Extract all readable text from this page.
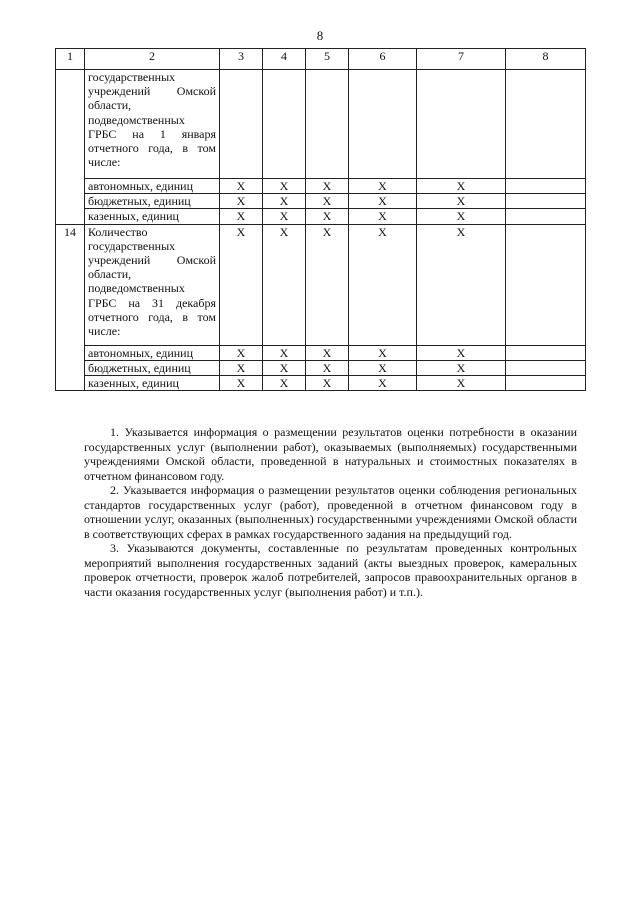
8
1	2	3	4	5	6	7	8
	государственных учреждений Омской области, подведомственных ГРБС на 1 января отчетного года, в том числе:						
	автономных, единиц	X	X	X	X	X	
	бюджетных, единиц	X	X	X	X	X	
	казенных, единиц	X	X	X	X	X	
14	Количество государственных учреждений Омской области, подведомственных ГРБС на 31 декабря отчетного года, в том числе:	X	X	X	X	X	
	автономных, единиц	X	X	X	X	X	
	бюджетных, единиц	X	X	X	X	X	
	казенных, единиц	X	X	X	X	X	

1. Указывается информация о размещении результатов оценки потребности в оказании государственных услуг (выполнении работ), оказываемых (выполняемых) государственными учреждениями Омской области, проведенной в натуральных и стоимостных показателях в отчетном финансовом году.

2. Указывается информация о размещении результатов оценки соблюдения региональных стандартов государственных услуг (работ), проведенной в отчетном финансовом году в отношении услуг, оказанных (выполненных) государственными учреждениями Омской области в соответствующих сферах в рамках государственного задания на предыдущий год.

3. Указываются документы, составленные по результатам проведенных контрольных мероприятий выполнения государственных заданий (акты выездных проверок, камеральных проверок отчетности, проверок жалоб потребителей, запросов правоохранительных органов в части оказания государственных услуг (выполнения работ) и т.п.).
